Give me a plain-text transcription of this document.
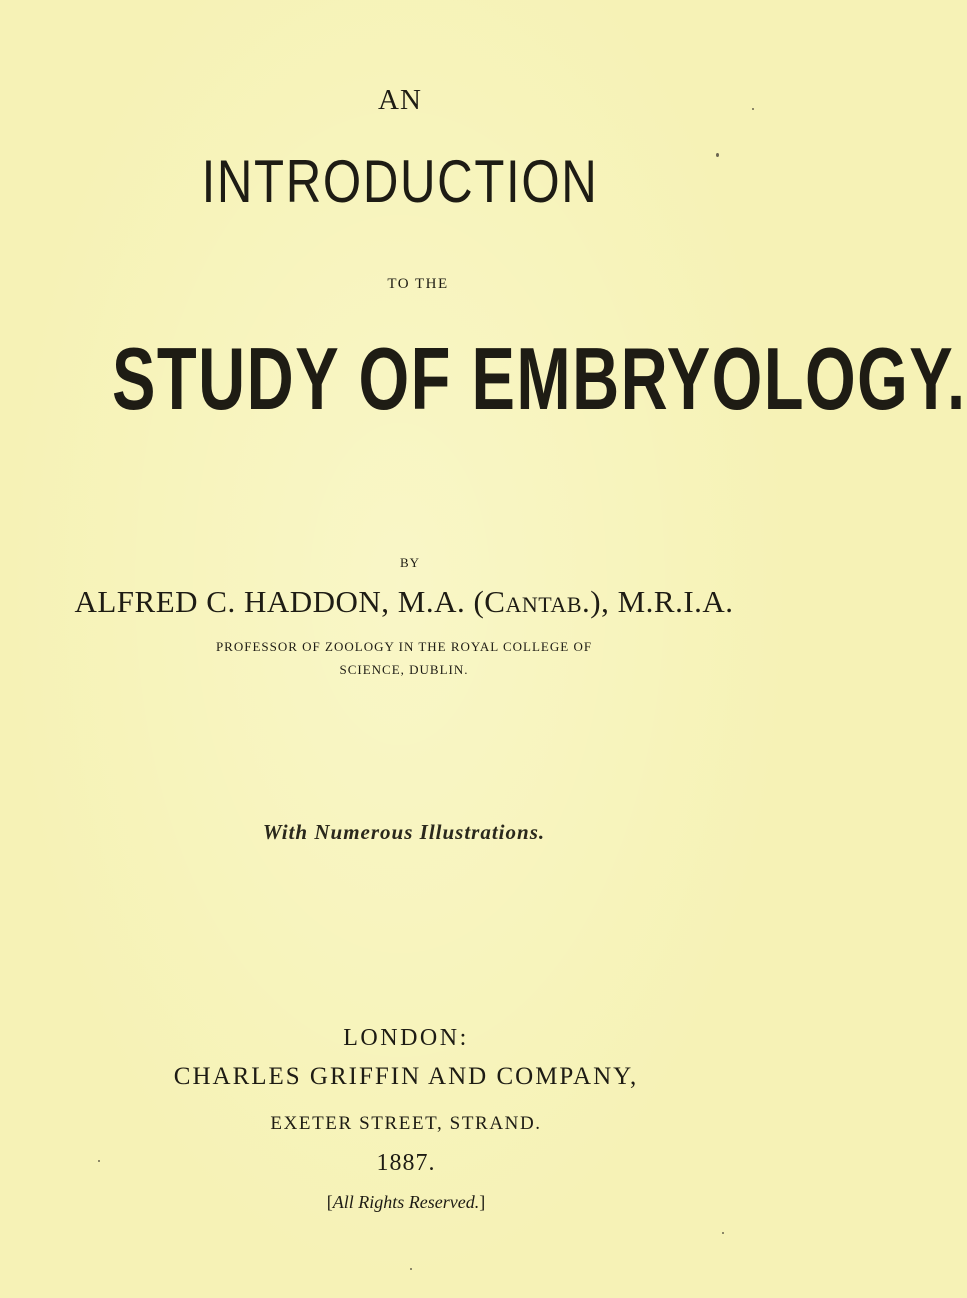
AN
INTRODUCTION
TO THE
STUDY OF EMBRYOLOGY.
BY
ALFRED C. HADDON, M.A. (Cantab.), M.R.I.A.
PROFESSOR OF ZOOLOGY IN THE ROYAL COLLEGE OF
SCIENCE, DUBLIN.
With Numerous Illustrations.
LONDON:
CHARLES GRIFFIN AND COMPANY,
EXETER STREET, STRAND.
1887.
[All Rights Reserved.]
